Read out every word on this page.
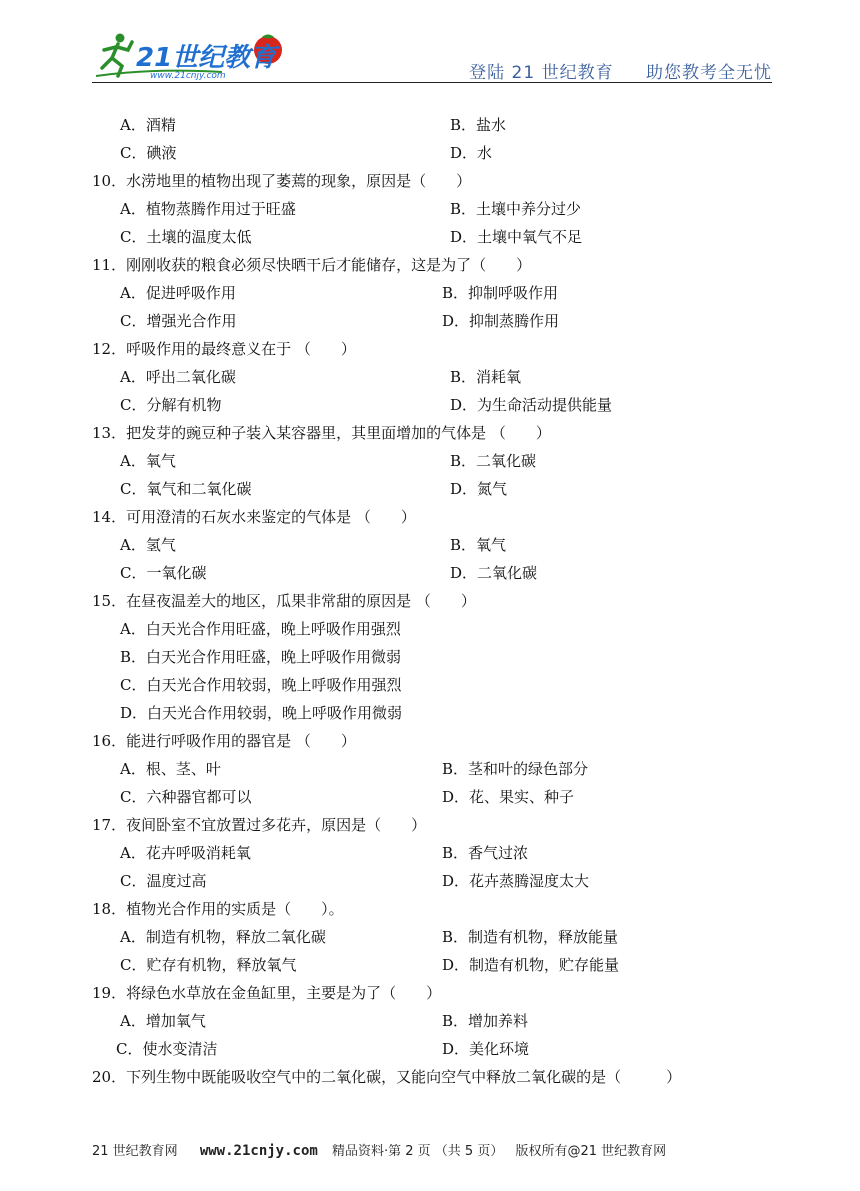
21世纪教育
www.21cnjy.com	登陆 21 世纪教育 助您教考全无忧
A．酒精	B．盐水
C．碘液	D．水
10．水涝地里的植物出现了萎蔫的现象，原因是（　　）
A．植物蒸腾作用过于旺盛	B．土壤中养分过少
C．土壤的温度太低	D．土壤中氧气不足
11．刚刚收获的粮食必须尽快晒干后才能储存，这是为了（　　）
A．促进呼吸作用	B．抑制呼吸作用
C．增强光合作用	D．抑制蒸腾作用
12．呼吸作用的最终意义在于 （　　）
A．呼出二氧化碳	B．消耗氧
C．分解有机物	D．为生命活动提供能量
13．把发芽的豌豆种子装入某容器里，其里面增加的气体是 （　　）
A．氧气	B．二氧化碳
C．氧气和二氧化碳	D．氮气
14．可用澄清的石灰水来鉴定的气体是 （　　）
A．氢气	B．氧气
C．一氧化碳	D．二氧化碳
15．在昼夜温差大的地区，瓜果非常甜的原因是 （　　）
A．白天光合作用旺盛，晚上呼吸作用强烈
B．白天光合作用旺盛，晚上呼吸作用微弱
C．白天光合作用较弱，晚上呼吸作用强烈
D．白天光合作用较弱，晚上呼吸作用微弱
16．能进行呼吸作用的器官是 （　　）
A．根、茎、叶	B．茎和叶的绿色部分
C．六种器官都可以	D．花、果实、种子
17．夜间卧室不宜放置过多花卉，原因是（　　）
A．花卉呼吸消耗氧	B．香气过浓
C．温度过高	D．花卉蒸腾湿度太大
18．植物光合作用的实质是（　　）。
A．制造有机物，释放二氧化碳	B．制造有机物，释放能量
C．贮存有机物，释放氧气	D．制造有机物，贮存能量
19．将绿色水草放在金鱼缸里，主要是为了（　　）
A．增加氧气	B．增加养料
C．使水变清洁	D．美化环境
20．下列生物中既能吸收空气中的二氧化碳，又能向空气中释放二氧化碳的是（　　　）
21 世纪教育网 www.21cnjy.com 精品资料·第 2 页 （共 5 页） 版权所有@21 世纪教育网
